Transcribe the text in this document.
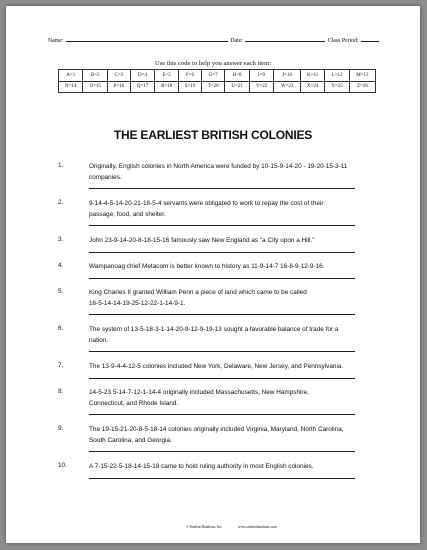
Name:	Date:	Class Period:
Use this code to help you answer each item:
A=1	B=2	C=3	D=4	E=5	F=6	G=7	H=8	I=9	J=10	K=11	L=12	M=13
N=14	O=15	P=16	Q=17	R=18	S=19	T=20	U=21	V=22	W=23	X=24	Y=25	Z=26
THE EARLIEST BRITISH COLONIES
1.	Originally, English colonies in North America were funded by 10-15-9-14-20 - 19-20-15-3-11
companies.
2.	9-14-4-5-14-20-21-18-5-4 servants were obligated to work to repay the cost of their
passage, food, and shelter.
3.	John 23-9-14-20-8-18-15-16 famously saw New England as "a City upon a Hill."
4.	Wampanoag chief Metacom is better known to history as 11-9-14-7 16-8-9-12-9-16.
5.	King Charles II granted William Penn a piece of land which came to be called
16-5-14-14-19-25-12-22-1-14-9-1.
6.	The system of 13-5-18-3-1-14-20-9-12-9-19-13 sought a favorable balance of trade for a
nation.
7.	The 13-9-4-4-12-5 colonies included New York, Delaware, New Jersey, and Pennsylvania.
8.	14-5-23 5-14-7-12-1-14-4 originally included Massachusetts, New Hampshire,
Connecticut, and Rhode Island.
9.	The 19-15-21-20-8-5-18-14 colonies originally included Virginia, Maryland, North Carolina,
South Carolina, and Georgia.
10.	A 7-15-22-5-18-14-15-18 came to hold ruling authority in most English colonies.
© Student Handouts, Inc.	www.studenthandouts.com
